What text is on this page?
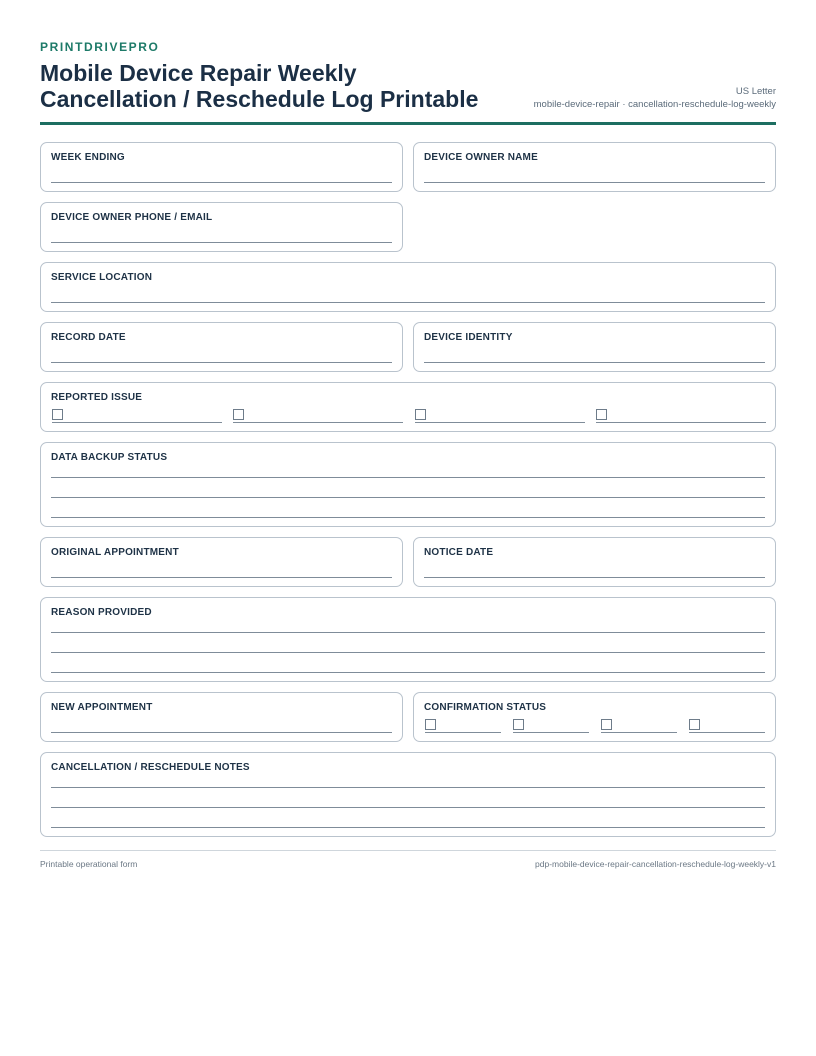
PRINTDRIVEPRO
Mobile Device Repair Weekly
Cancellation / Reschedule Log Printable	US Letter
mobile-device-repair · cancellation-reschedule-log-weekly
WEEK ENDING	DEVICE OWNER NAME
DEVICE OWNER PHONE / EMAIL
SERVICE LOCATION
RECORD DATE	DEVICE IDENTITY
REPORTED ISSUE
DATA BACKUP STATUS
ORIGINAL APPOINTMENT	NOTICE DATE
REASON PROVIDED
NEW APPOINTMENT	CONFIRMATION STATUS
CANCELLATION / RESCHEDULE NOTES
Printable operational form	pdp-mobile-device-repair-cancellation-reschedule-log-weekly-v1
